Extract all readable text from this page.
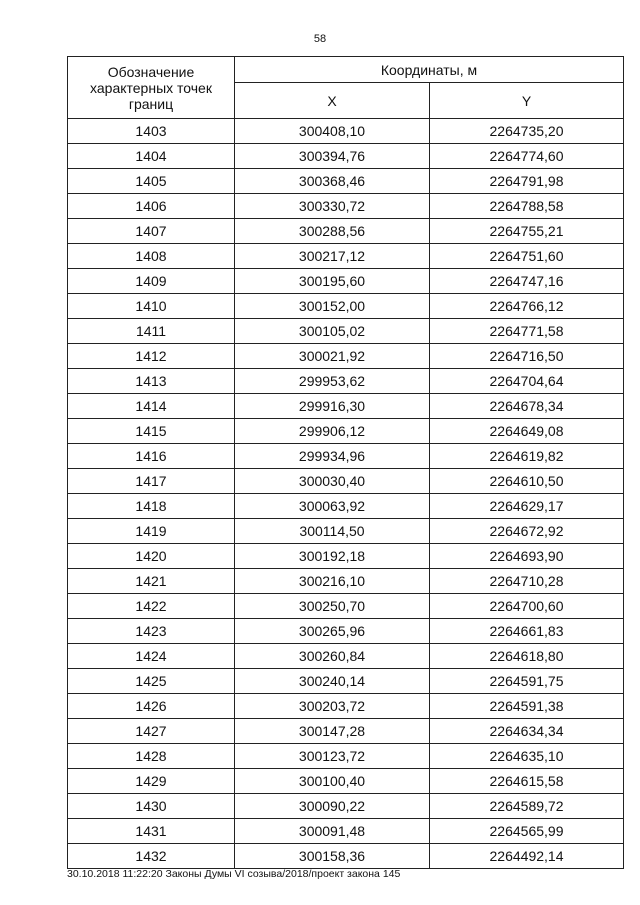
58
Обозначение
характерных точек
границ	Координаты, м	
	X	Y
1403	300408,10	2264735,20
1404	300394,76	2264774,60
1405	300368,46	2264791,98
1406	300330,72	2264788,58
1407	300288,56	2264755,21
1408	300217,12	2264751,60
1409	300195,60	2264747,16
1410	300152,00	2264766,12
1411	300105,02	2264771,58
1412	300021,92	2264716,50
1413	299953,62	2264704,64
1414	299916,30	2264678,34
1415	299906,12	2264649,08
1416	299934,96	2264619,82
1417	300030,40	2264610,50
1418	300063,92	2264629,17
1419	300114,50	2264672,92
1420	300192,18	2264693,90
1421	300216,10	2264710,28
1422	300250,70	2264700,60
1423	300265,96	2264661,83
1424	300260,84	2264618,80
1425	300240,14	2264591,75
1426	300203,72	2264591,38
1427	300147,28	2264634,34
1428	300123,72	2264635,10
1429	300100,40	2264615,58
1430	300090,22	2264589,72
1431	300091,48	2264565,99
1432	300158,36	2264492,14
30.10.2018 11:22:20 Законы Думы VI созыва/2018/проект закона 145
